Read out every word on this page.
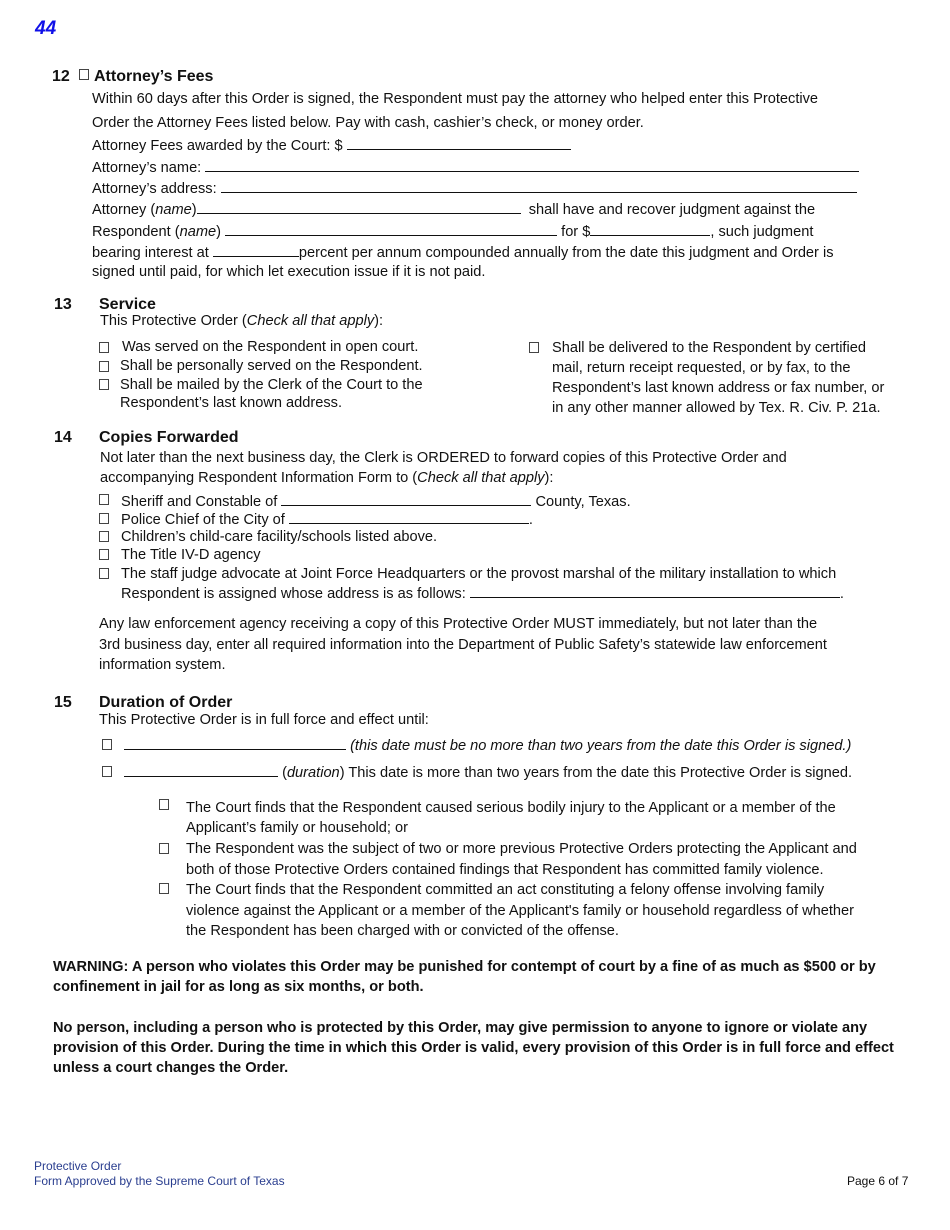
44
12 Attorney’s Fees
Within 60 days after this Order is signed, the Respondent must pay the attorney who helped enter this Protective
Order the Attorney Fees listed below. Pay with cash, cashier’s check, or money order.
Attorney Fees awarded by the Court: $
Attorney’s name:
Attorney’s address:
Attorney (name)	shall have and recover judgment against the
Respondent (name)	for $	, such judgment
bearing interest at	percent per annum compounded annually from the date this judgment and Order is
signed until paid, for which let execution issue if it is not paid.
13 Service
This Protective Order (Check all that apply):
Was served on the Respondent in open court.
Shall be personally served on the Respondent.
Shall be mailed by the Clerk of the Court to the
Respondent’s last known address.
Shall be delivered to the Respondent by certified
mail, return receipt requested, or by fax, to the
Respondent’s last known address or fax number, or
in any other manner allowed by Tex. R. Civ. P. 21a.
14 Copies Forwarded
Not later than the next business day, the Clerk is ORDERED to forward copies of this Protective Order and
accompanying Respondent Information Form to (Check all that apply):
Sheriff and Constable of	County, Texas.
Police Chief of the City of	.
Children’s child-care facility/schools listed above.
The Title IV-D agency
The staff judge advocate at Joint Force Headquarters or the provost marshal of the military installation to which
Respondent is assigned whose address is as follows:	.
Any law enforcement agency receiving a copy of this Protective Order MUST immediately, but not later than the
3rd business day, enter all required information into the Department of Public Safety’s statewide law enforcement
information system.
15 Duration of Order
This Protective Order is in full force and effect until:
(this date must be no more than two years from the date this Order is signed.)
(duration) This date is more than two years from the date this Protective Order is signed.
The Court finds that the Respondent caused serious bodily injury to the Applicant or a member of the
Applicant’s family or household; or
The Respondent was the subject of two or more previous Protective Orders protecting the Applicant and
both of those Protective Orders contained findings that Respondent has committed family violence.
The Court finds that the Respondent committed an act constituting a felony offense involving family
violence against the Applicant or a member of the Applicant's family or household regardless of whether
the Respondent has been charged with or convicted of the offense.
WARNING: A person who violates this Order may be punished for contempt of court by a fine of as much as $500 or by confinement in jail for as long as six months, or both.
No person, including a person who is protected by this Order, may give permission to anyone to ignore or violate any provision of this Order. During the time in which this Order is valid, every provision of this Order is in full force and effect unless a court changes the Order.
Protective Order
Form Approved by the Supreme Court of Texas	Page 6 of 7
